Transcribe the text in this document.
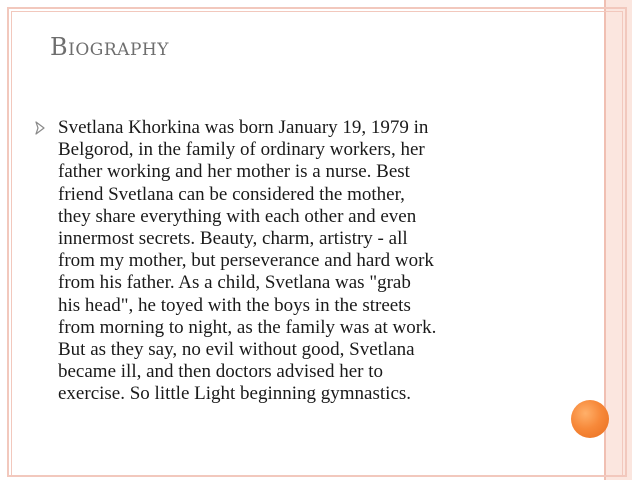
Biography
Svetlana Khorkina was born January 19, 1979 in
Belgorod, in the family of ordinary workers, her
father working and her mother is a nurse. Best
friend Svetlana can be considered the mother,
they share everything with each other and even
innermost secrets. Beauty, charm, artistry - all
from my mother, but perseverance and hard work
from his father. As a child, Svetlana was "grab
his head", he toyed with the boys in the streets
from morning to night, as the family was at work.
But as they say, no evil without good, Svetlana
became ill, and then doctors advised her to
exercise. So little Light beginning gymnastics.
